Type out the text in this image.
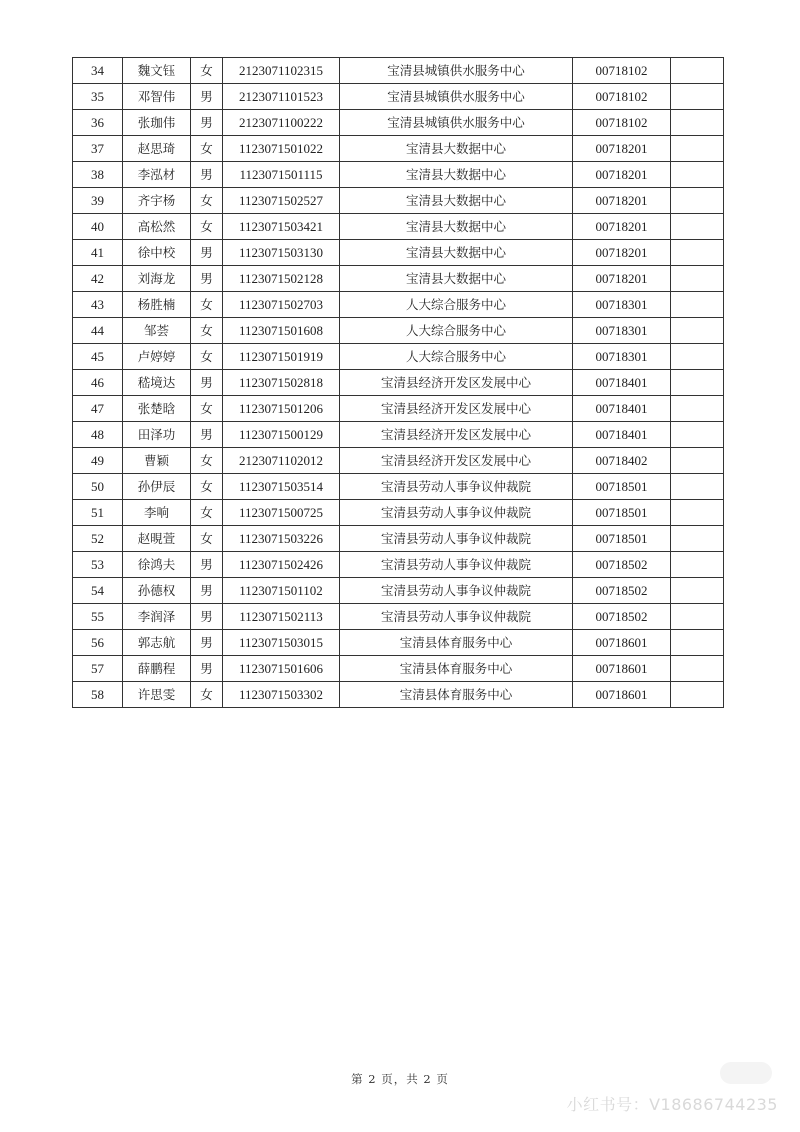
34	魏文钰	女	2123071102315	宝清县城镇供水服务中心	00718102	
35	邓智伟	男	2123071101523	宝清县城镇供水服务中心	00718102	
36	张珈伟	男	2123071100222	宝清县城镇供水服务中心	00718102	
37	赵思琦	女	1123071501022	宝清县大数据中心	00718201	
38	李泓材	男	1123071501115	宝清县大数据中心	00718201	
39	齐宇杨	女	1123071502527	宝清县大数据中心	00718201	
40	高松然	女	1123071503421	宝清县大数据中心	00718201	
41	徐中校	男	1123071503130	宝清县大数据中心	00718201	
42	刘海龙	男	1123071502128	宝清县大数据中心	00718201	
43	杨胜楠	女	1123071502703	人大综合服务中心	00718301	
44	邹荟	女	1123071501608	人大综合服务中心	00718301	
45	卢婷婷	女	1123071501919	人大综合服务中心	00718301	
46	嵇境达	男	1123071502818	宝清县经济开发区发展中心	00718401	
47	张楚晗	女	1123071501206	宝清县经济开发区发展中心	00718401	
48	田泽功	男	1123071500129	宝清县经济开发区发展中心	00718401	
49	曹颖	女	2123071102012	宝清县经济开发区发展中心	00718402	
50	孙伊辰	女	1123071503514	宝清县劳动人事争议仲裁院	00718501	
51	李响	女	1123071500725	宝清县劳动人事争议仲裁院	00718501	
52	赵晛萱	女	1123071503226	宝清县劳动人事争议仲裁院	00718501	
53	徐鸿夫	男	1123071502426	宝清县劳动人事争议仲裁院	00718502	
54	孙德权	男	1123071501102	宝清县劳动人事争议仲裁院	00718502	
55	李润泽	男	1123071502113	宝清县劳动人事争议仲裁院	00718502	
56	郭志航	男	1123071503015	宝清县体育服务中心	00718601	
57	薛鹏程	男	1123071501606	宝清县体育服务中心	00718601	
58	许思雯	女	1123071503302	宝清县体育服务中心	00718601	
第 2 页，共 2 页
小红书号：V18686744235
